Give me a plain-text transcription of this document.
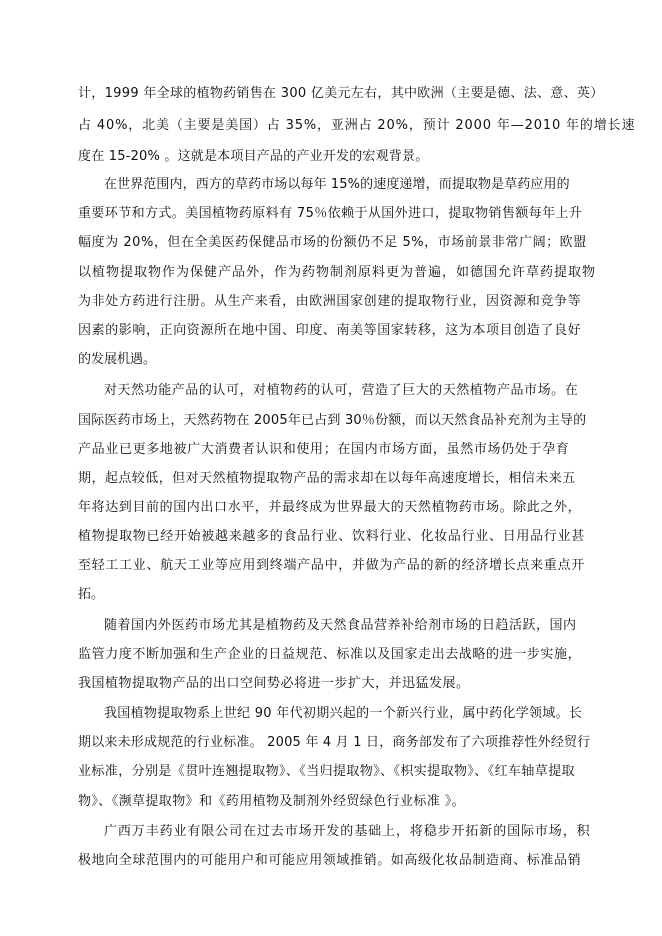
计，1999 年全球的植物药销售在 300 亿美元左右，其中欧洲（主要是德、法、意、英）

占 40%，北美（主要是美国）占 35%，亚洲占 20%，预计 2000 年—2010 年的增长速

度在 15-20% 。这就是本项目产品的产业开发的宏观背景。

在世界范围内，西方的草药市场以每年 15%的速度递增，而提取物是草药应用的

重要环节和方式。美国植物药原料有 75％依赖于从国外进口，提取物销售额每年上升

幅度为 20%，但在全美医药保健品市场的份额仍不足 5%，市场前景非常广阔；欧盟

以植物提取物作为保健产品外，作为药物制剂原料更为普遍，如德国允许草药提取物

为非处方药进行注册。从生产来看，由欧洲国家创建的提取物行业，因资源和竞争等

因素的影响，正向资源所在地中国、印度、南美等国家转移，这为本项目创造了良好

的发展机遇。

对天然功能产品的认可，对植物药的认可，营造了巨大的天然植物产品市场。在

国际医药市场上，天然药物在 2005年已占到 30％份额，而以天然食品补充剂为主导的

产品业已更多地被广大消费者认识和使用；在国内市场方面，虽然市场仍处于孕育

期，起点较低，但对天然植物提取物产品的需求却在以每年高速度增长，相信未来五

年将达到目前的国内出口水平，并最终成为世界最大的天然植物药市场。除此之外，

植物提取物已经开始被越来越多的食品行业、饮料行业、化妆品行业、日用品行业甚

至轻工工业、航天工业等应用到终端产品中，并做为产品的新的经济增长点来重点开

拓。

随着国内外医药市场尤其是植物药及天然食品营养补给剂市场的日趋活跃，国内

监管力度不断加强和生产企业的日益规范、标准以及国家走出去战略的进一步实施，

我国植物提取物产品的出口空间势必将进一步扩大，并迅猛发展。

我国植物提取物系上世纪 90 年代初期兴起的一个新兴行业，属中药化学领域。长

期以来未形成规范的行业标准。 2005 年 4 月 1 日，商务部发布了六项推荐性外经贸行

业标准，分别是《贯叶连翘提取物》、《当归提取物》、《枳实提取物》、《红车轴草提取

物》、《濒草提取物》和《药用植物及制剂外经贸绿色行业标准 》。

广西万丰药业有限公司在过去市场开发的基础上，将稳步开拓新的国际市场，积

极地向全球范围内的可能用户和可能应用领域推销。如高级化妆品制造商、标准品销
